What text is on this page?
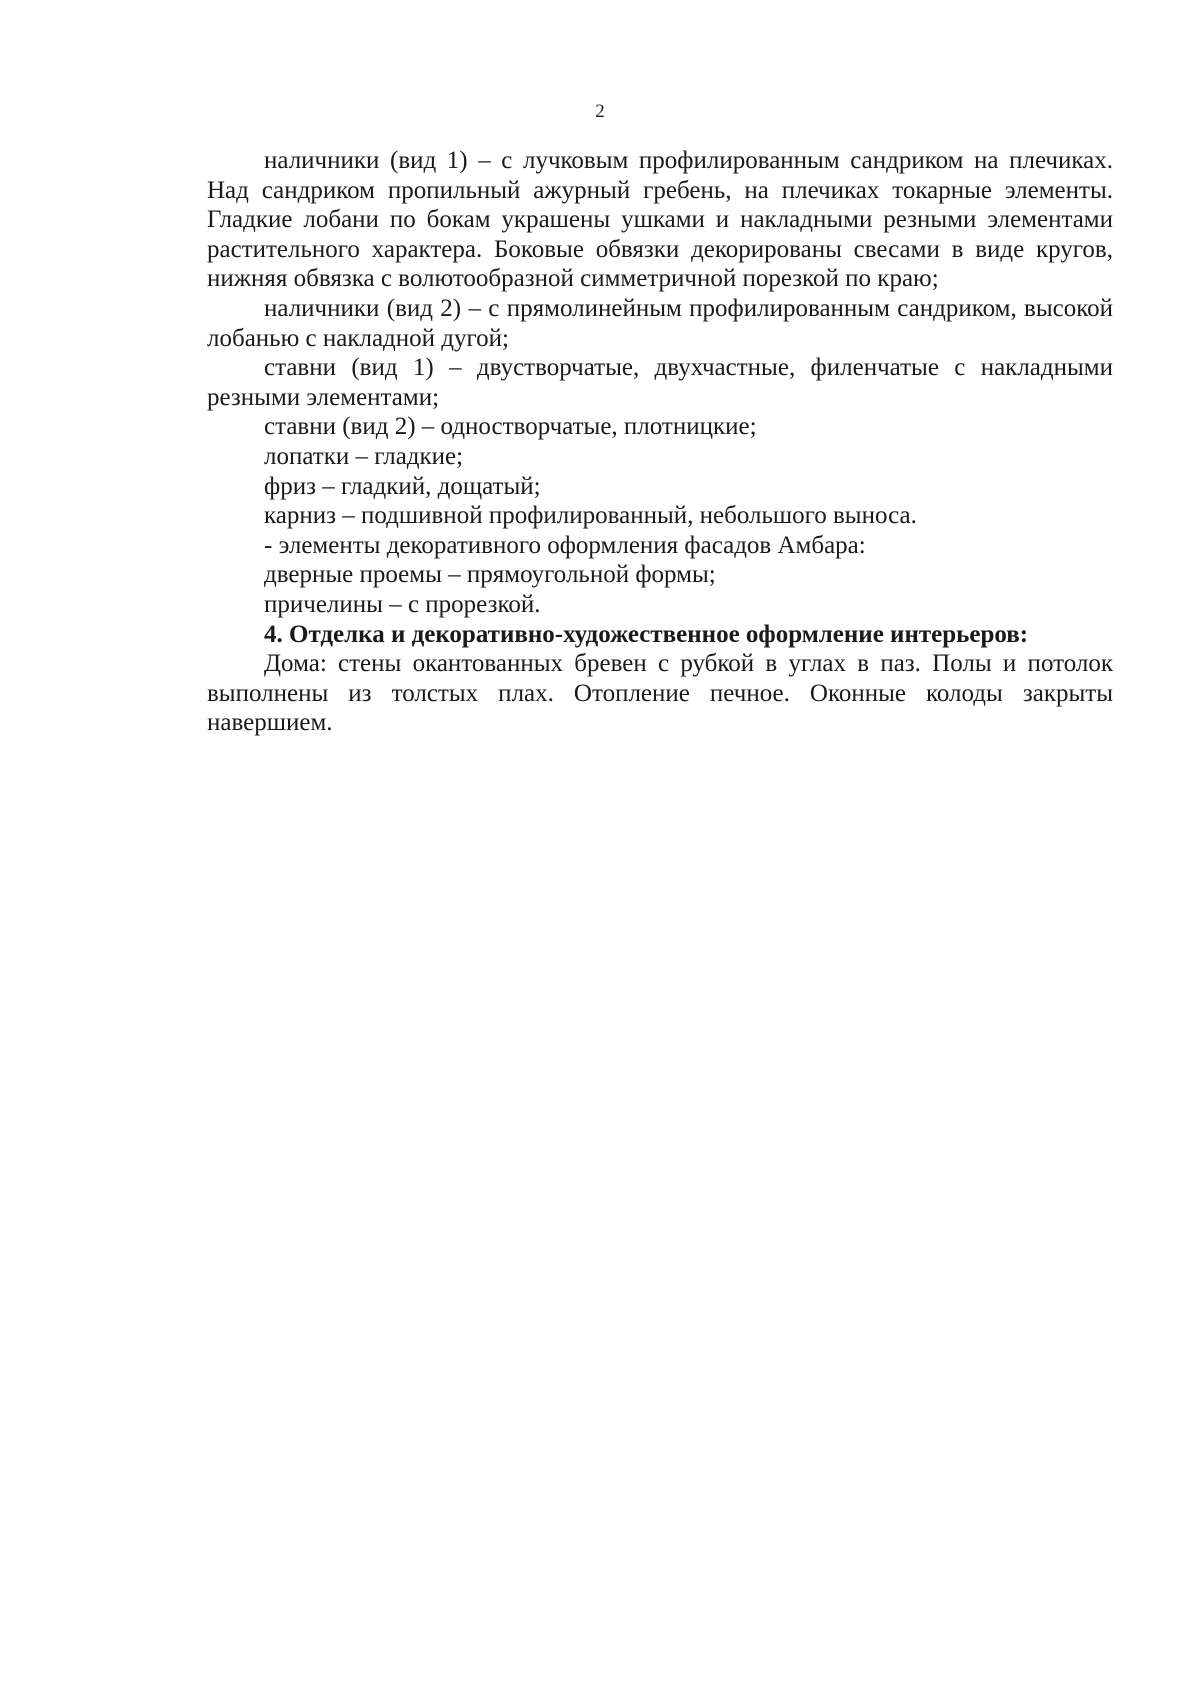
2

наличники (вид 1) – с лучковым профилированным сандриком на плечиках. Над сандриком пропильный ажурный гребень, на плечиках токарные элементы. Гладкие лобани по бокам украшены ушками и накладными резными элементами растительного характера. Боковые обвязки декорированы свесами в виде кругов, нижняя обвязка с волютообразной симметричной порезкой по краю;

наличники (вид 2) – с прямолинейным профилированным сандриком, высокой лобанью с накладной дугой;

ставни (вид 1) – двустворчатые, двухчастные, филенчатые с накладными резными элементами;

ставни (вид 2) – одностворчатые, плотницкие;

лопатки – гладкие;

фриз – гладкий, дощатый;

карниз – подшивной профилированный, небольшого выноса.

- элементы декоративного оформления фасадов Амбара:

дверные проемы – прямоугольной формы;

причелины – с прорезкой.

4. Отделка и декоративно-художественное оформление интерьеров:

Дома: стены окантованных бревен с рубкой в углах в паз. Полы и потолок выполнены из толстых плах. Отопление печное. Оконные колоды закрыты навершием.
